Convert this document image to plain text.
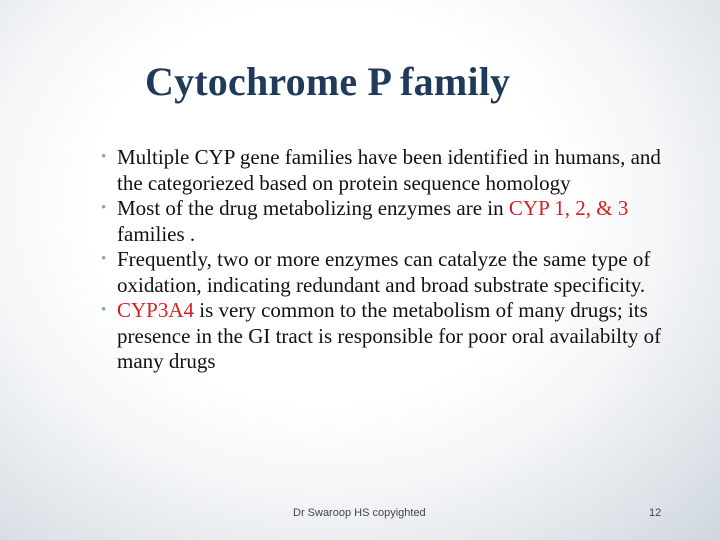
Cytochrome P family
• Multiple CYP gene families have been identified in humans, and the categoriezed based on protein sequence homology
• Most of the drug metabolizing enzymes are in CYP 1, 2, & 3 families .
• Frequently, two or more enzymes can catalyze the same type of oxidation, indicating redundant and broad substrate specificity.
• CYP3A4 is very common to the metabolism of many drugs; its presence in the GI tract is responsible for poor oral availabilty of many drugs
Dr Swaroop HS copyighted	12
